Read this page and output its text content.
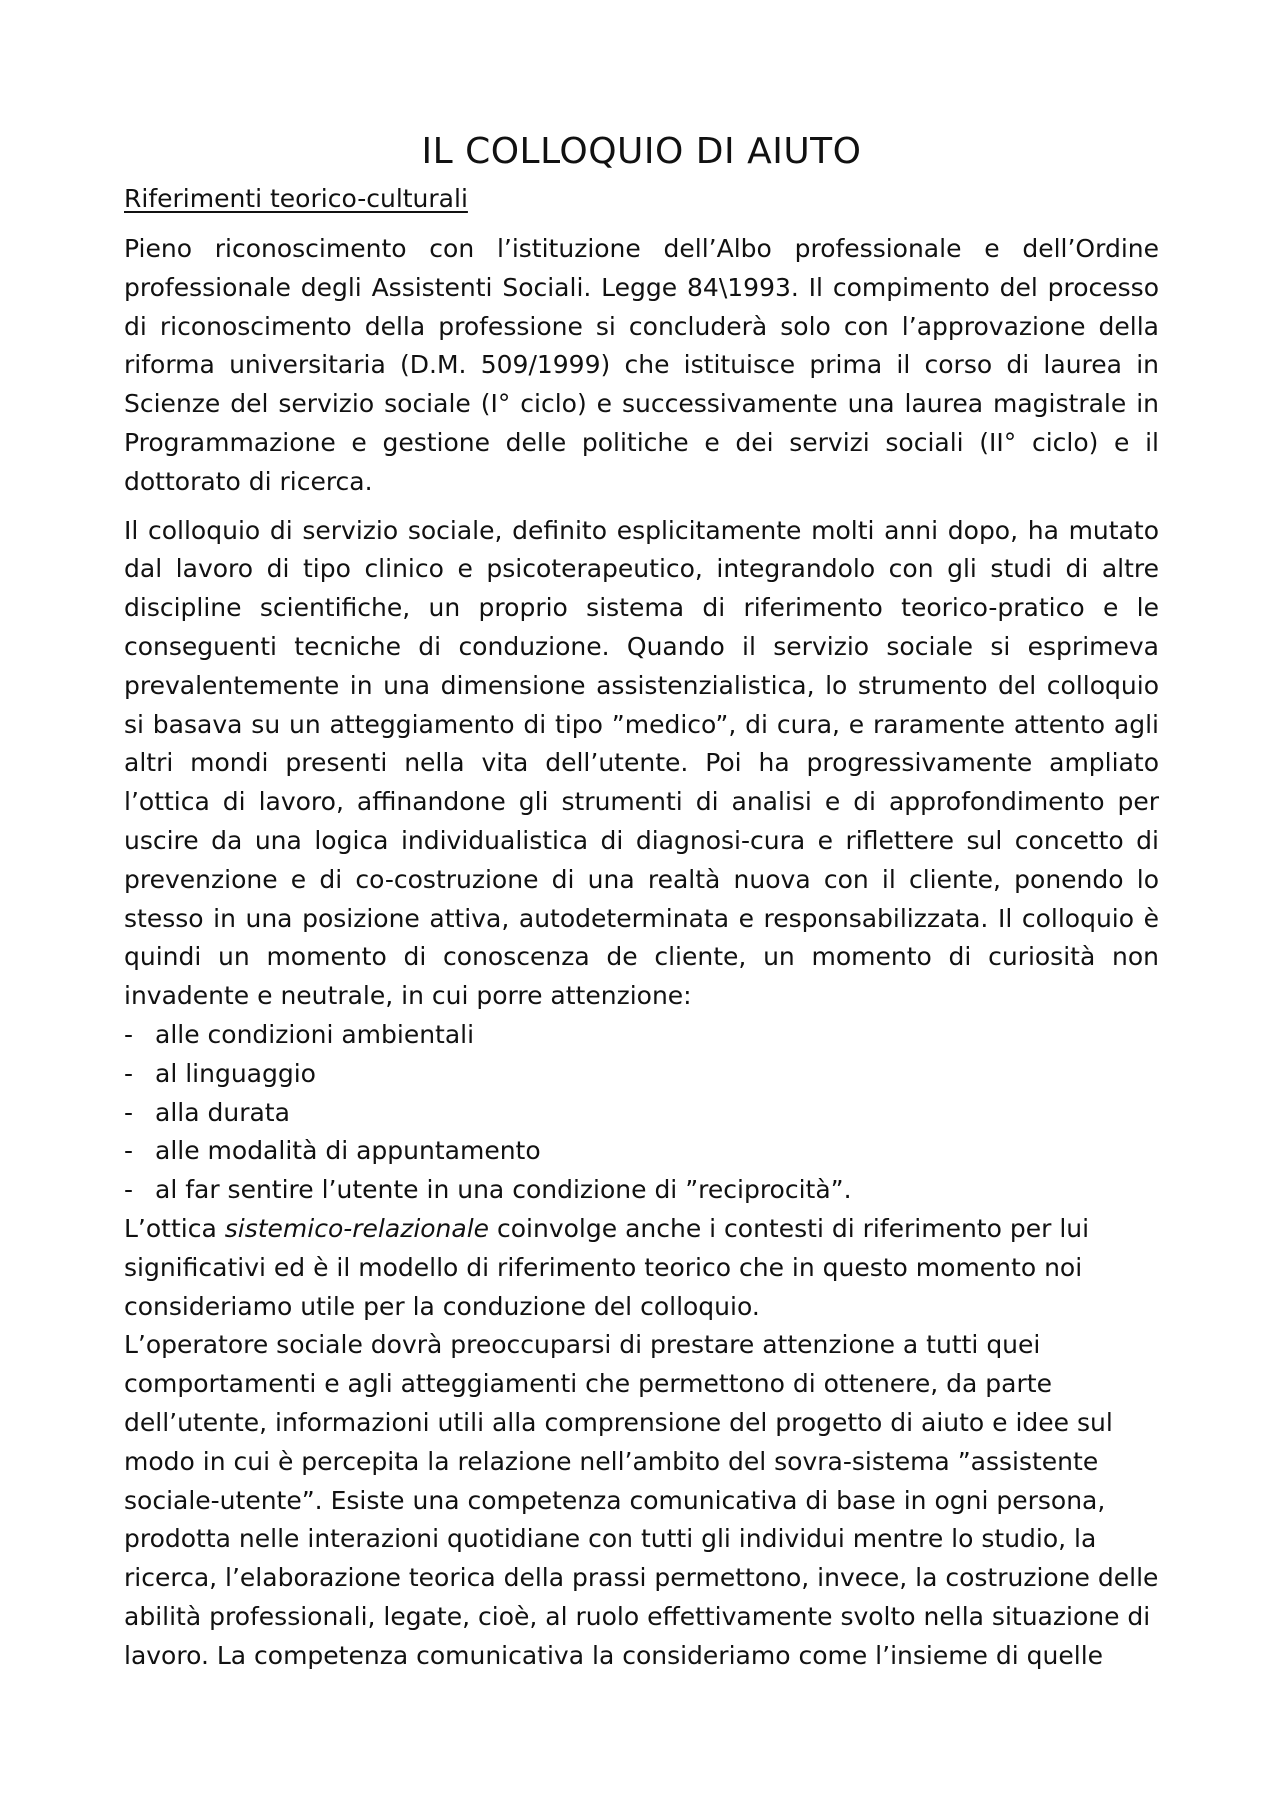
IL COLLOQUIO DI AIUTO

Riferimenti teorico-culturali

Pieno riconoscimento con l’istituzione dell’Albo professionale e dell’Ordine professionale degli Assistenti Sociali. Legge 84\1993. Il compimento del processo di riconoscimento della professione si concluderà solo con l’approvazione della riforma universitaria (D.M. 509/1999) che istituisce prima il corso di laurea in Scienze del servizio sociale (I° ciclo) e successivamente una laurea magistrale in Programmazione e gestione delle politiche e dei servizi sociali (II° ciclo) e il dottorato di ricerca.

Il colloquio di servizio sociale, definito esplicitamente molti anni dopo, ha mutato dal lavoro di tipo clinico e psicoterapeutico, integrandolo con gli studi di altre discipline scientifiche, un proprio sistema di riferimento teorico-pratico e le conseguenti tecniche di conduzione. Quando il servizio sociale si esprimeva prevalentemente in una dimensione assistenzialistica, lo strumento del colloquio si basava su un atteggiamento di tipo ”medico”, di cura, e raramente attento agli altri mondi presenti nella vita dell’utente. Poi ha progressivamente ampliato l’ottica di lavoro, affinandone gli strumenti di analisi e di approfondimento per uscire da una logica individualistica di diagnosi-cura e riflettere sul concetto di prevenzione e di co-costruzione di una realtà nuova con il cliente, ponendo lo stesso in una posizione attiva, autodeterminata e responsabilizzata. Il colloquio è quindi un momento di conoscenza de cliente, un momento di curiosità non invadente e neutrale, in cui porre attenzione:

- alle condizioni ambientali
- al linguaggio
- alla durata
- alle modalità di appuntamento
- al far sentire l’utente in una condizione di ”reciprocità”.

L’ottica sistemico-relazionale coinvolge anche i contesti di riferimento per lui significativi ed è il modello di riferimento teorico che in questo momento noi consideriamo utile per la conduzione del colloquio.

L’operatore sociale dovrà preoccuparsi di prestare attenzione a tutti quei comportamenti e agli atteggiamenti che permettono di ottenere, da parte dell’utente, informazioni utili alla comprensione del progetto di aiuto e idee sul modo in cui è percepita la relazione nell’ambito del sovra-sistema ”assistente sociale-utente”. Esiste una competenza comunicativa di base in ogni persona, prodotta nelle interazioni quotidiane con tutti gli individui mentre lo studio, la ricerca, l’elaborazione teorica della prassi permettono, invece, la costruzione delle abilità professionali, legate, cioè, al ruolo effettivamente svolto nella situazione di lavoro. La competenza comunicativa la consideriamo come l’insieme di quelle
